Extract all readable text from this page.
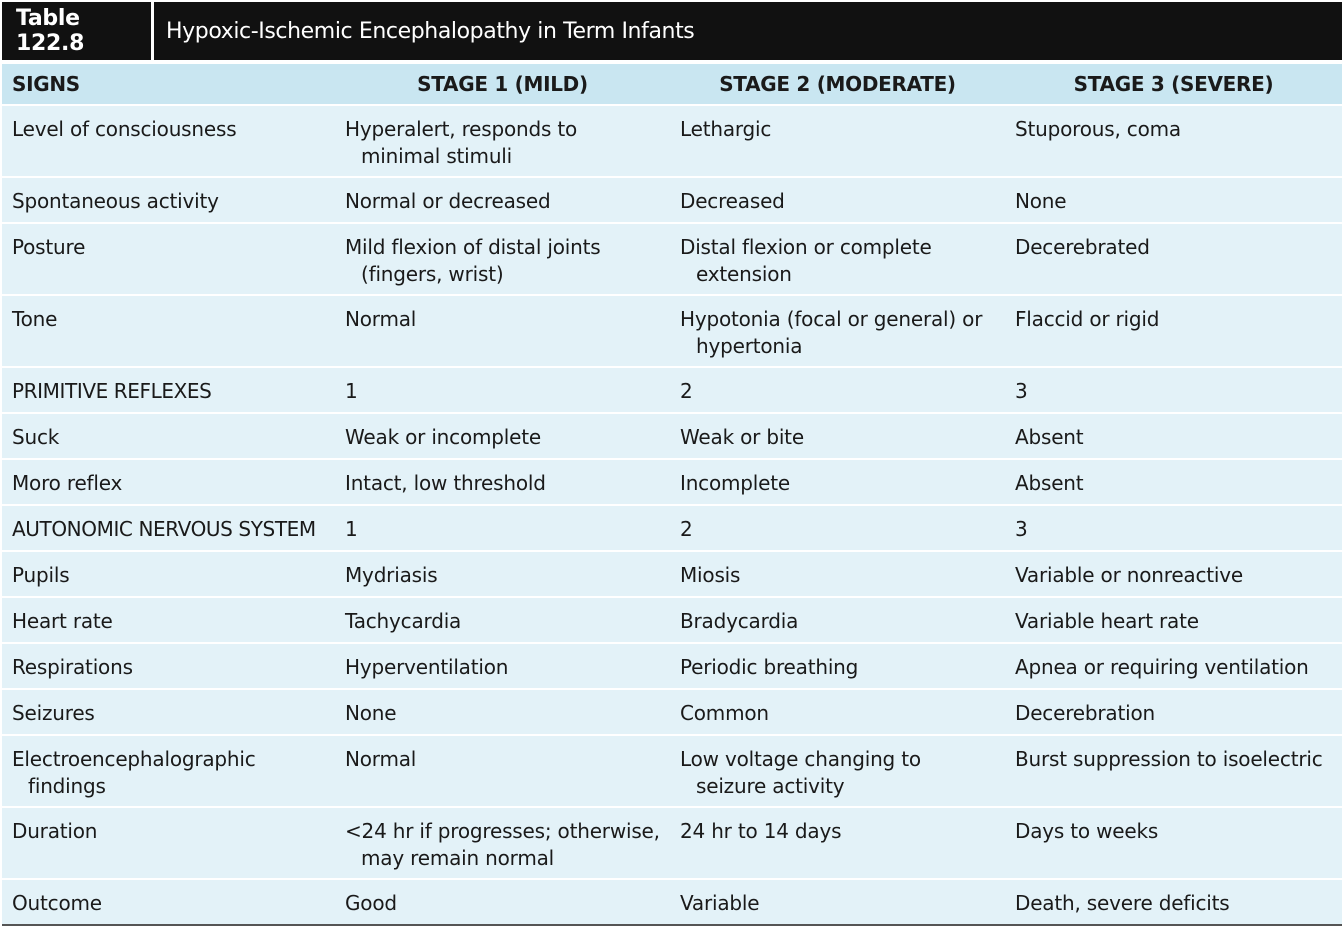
Table 122.8	Hypoxic-Ischemic Encephalopathy in Term Infants
SIGNS	STAGE 1 (MILD)	STAGE 2 (MODERATE)	STAGE 3 (SEVERE)

Level of consciousness	Hyperalert, responds to minimal stimuli	Lethargic	Stuporous, coma

Spontaneous activity	Normal or decreased	Decreased	None

Posture	Mild flexion of distal joints (fingers, wrist)	Distal flexion or complete extension	Decerebrated

Tone	Normal	Hypotonia (focal or general) or hypertonia	Flaccid or rigid

PRIMITIVE REFLEXES	1	2	3

Suck	Weak or incomplete	Weak or bite	Absent

Moro reflex	Intact, low threshold	Incomplete	Absent

AUTONOMIC NERVOUS SYSTEM	1	2	3

Pupils	Mydriasis	Miosis	Variable or nonreactive

Heart rate	Tachycardia	Bradycardia	Variable heart rate

Respirations	Hyperventilation	Periodic breathing	Apnea or requiring ventilation

Seizures	None	Common	Decerebration

Electroencephalographic findings	Normal	Low voltage changing to seizure activity	Burst suppression to isoelectric

Duration	<24 hr if progresses; otherwise, may remain normal	24 hr to 14 days	Days to weeks

Outcome	Good	Variable	Death, severe deficits
